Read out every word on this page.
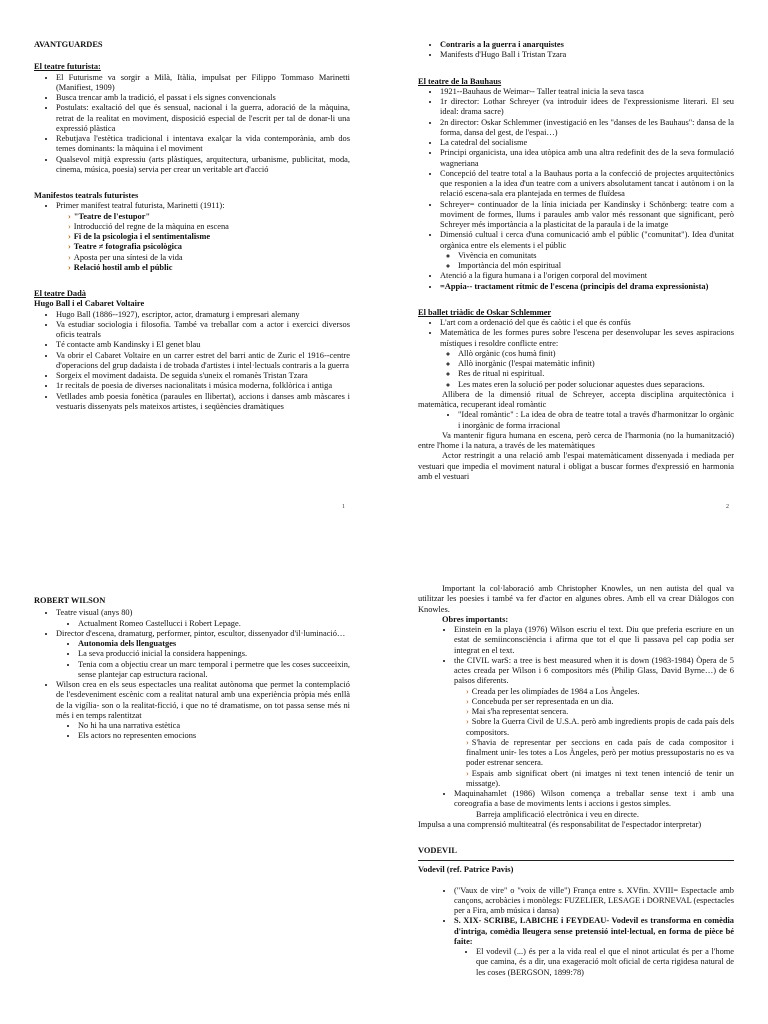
AVANTGUARDES
El teatre futurista:
• El Futurisme va sorgir a Milà, Itàlia, impulsat per Filippo Tommaso Marinetti (Manifiest, 1909)
• Busca trencar amb la tradició, el passat i els signes convencionals
• Postulats: exaltació del que és sensual, nacional i la guerra, adoració de la màquina, retrat de la realitat en moviment, disposició especial de l'escrit per tal de donar-li una expressió plàstica
• Rebutjava l'estètica tradicional i intentava exalçar la vida contemporània, amb dos temes dominants: la màquina i el moviment
• Qualsevol mitjà expressiu (arts plàstiques, arquitectura, urbanisme, publicitat, moda, cinema, música, poesia) servia per crear un veritable art d'acció
Manifestos teatrals futuristes
• Primer manifest teatral futurista, Marinetti (1911):
› "Teatre de l'estupor"
› Introducció del regne de la màquina en escena
› Fi de la psicologia i el sentimentalisme
› Teatre ≠ fotografia psicològica
› Aposta per una síntesi de la vida
› Relació hostil amb el públic
El teatre Dadà
Hugo Ball i el Cabaret Voltaire
• Hugo Ball (1886--1927), escriptor, actor, dramaturg i empresari alemany
• Va estudiar sociologia i filosofia. També va treballar com a actor i exercici diversos oficis teatrals
• Té contacte amb Kandinsky i El genet blau
• Va obrir el Cabaret Voltaire en un carrer estret del barri antic de Zuric el 1916--centre d'operacions del grup dadaista i de trobada d'artistes i intel·lectuals contraris a la guerra
• Sorgeix el moviment dadaista. De seguida s'uneix el romanès Tristan Tzara
• 1r recitals de poesia de diverses nacionalitats i música moderna, folklòrica i antiga
• Vetllades amb poesia fonètica (paraules en llibertat), accions i danses amb màscares i vestuaris dissenyats pels mateixos artistes, i seqüències dramàtiques
1
• Contraris a la guerra i anarquistes
• Manifests d'Hugo Ball i Tristan Tzara
El teatre de la Bauhaus
• 1921--Bauhaus de Weimar-- Taller teatral inicia la seva tasca
• 1r director: Lothar Schreyer (va introduir idees de l'expressionisme literari. El seu ideal: drama sacre)
• 2n director: Oskar Schlemmer (investigació en les "danses de les Bauhaus": dansa de la forma, dansa del gest, de l'espai…)
• La catedral del socialisme
• Principi organicista, una idea utòpica amb una altra redefinit des de la seva formulació wagneriana
• Concepció del teatre total a la Bauhaus porta a la confecció de projectes arquitectònics que responien a la idea d'un teatre com a univers absolutament tancat i autònom i on la relació escena-sala era plantejada en termes de fluïdesa
• Schreyer= continuador de la línia iniciada per Kandinsky i Schönberg: teatre com a moviment de formes, llums i paraules amb valor més ressonant que significant, però Schreyer més importància a la plasticitat de la paraula i de la imatge
• Dimensió cultual i cerca d'una comunicació amb el públic ("comunitat"). Idea d'unitat orgànica entre els elements i el públic
◦ Vivència en comunitats
◦ Importància del món espiritual
• Atenció a la figura humana i a l'origen corporal del moviment
• =Appia-- tractament rítmic de l'escena (principis del drama expressionista)
El ballet triàdic de Oskar Schlemmer
• L'art com a ordenació del que és caòtic i el que és confús
• Matemàtica de les formes pures sobre l'escena per desenvolupar les seves aspiracions místiques i resoldre conflicte entre:
◦ Allò orgànic (cos humà finit)
◦ Allò inorgànic (l'espai matemàtic infinit)
◦ Res de ritual ni espiritual.
◦ Les mates eren la solució per poder solucionar aquestes dues separacions.

Allibera de la dimensió ritual de Schreyer, accepta disciplina arquitectònica i matemàtica, recuperant ideal romàntic

• "Ideal romàntic" : La idea de obra de teatre total a través d'harmonitzar lo orgànic i inorgànic de forma irracional

Va mantenir figura humana en escena, però cerca de l'harmonia (no la humanització) entre l'home i la natura, a través de les matemàtiques

Actor restringit a una relació amb l'espai matemàticament dissenyada i mediada per vestuari que impedia el moviment natural i obligat a buscar formes d'expressió en harmonia amb el vestuari

2
ROBERT WILSON
• Teatre visual (anys 80)
• Actualment Romeo Castellucci i Robert Lepage.
• Director d'escena, dramaturg, performer, pintor, escultor, dissenyador d'il·luminació…
• Autonomia dels llenguatges
• La seva producció inicial la considera happenings.
• Tenia com a objectiu crear un marc temporal i permetre que les coses succeeixin, sense plantejar cap estructura racional.
• Wilson crea en els seus espectacles una realitat autònoma que permet la contemplació de l'esdeveniment escènic com a realitat natural amb una experiència pròpia més enllà de la vigília- son o la realitat-ficció, i que no té dramatisme, on tot passa sense més ni més i en temps ralentitzat
• No hi ha una narrativa estètica
• Els actors no representen emocions

Important la col·laboració amb Christopher Knowles, un nen autista del qual va utilitzar les poesies i també va fer d'actor en algunes obres. Amb ell va crear Diàlogos con Knowles.

Obres importants:
• Einstein en la playa (1976) Wilson escriu el text. Diu que preferia escriure en un estat de semiinconsciència i afirma que tot el que li passava pel cap podia ser integrat en el text.
• the CIVIL warS: a tree is best measured when it is down (1983-1984) Òpera de 5 actes creada per Wilson i 6 compositors més (Philip Glass, David Byrne…) de 6 països diferents.
› Creada per les olimpíades de 1984 a Los Àngeles.
› Concebuda per ser representada en un dia.
› Mai s'ha representat sencera.
› Sobre la Guerra Civil de U.S.A. però amb ingredients propis de cada país dels compositors.
› S'havia de representar per seccions en cada país de cada compositor i finalment unir- les totes a Los Àngeles, però per motius pressupostaris no es va poder estrenar sencera.
› Espais amb significat obert (ni imatges ni text tenen intenció de tenir un missatge).
• Maquinahamlet (1986) Wilson comença a treballar sense text i amb una coreografia a base de moviments lents i accions i gestos simples.
Barreja amplificació electrònica i veu en directe.

Impulsa a una comprensió multiteatral (és responsabilitat de l'espectador interpretar)

VODEVIL
Vodevil (ref. Patrice Pavis)
• ("Vaux de vire" o "voix de ville") França entre s. XVfin. XVIII= Espectacle amb cançons, acrobàcies i monòlegs: FUZELIER, LESAGE i DORNEVAL (espectacles per a Fira, amb música i dansa)
• S. XIX- SCRIBE, LABICHE i FEYDEAU- Vodevil es transforma en comèdia d'intriga, comèdia lleugera sense pretensió intel·lectual, en forma de pièce bé faite:
• El vodevil (...) és per a la vida real el que el ninot articulat és per a l'home que camina, és a dir, una exageració molt oficial de certa rigidesa natural de les coses (BERGSON, 1899:78)
